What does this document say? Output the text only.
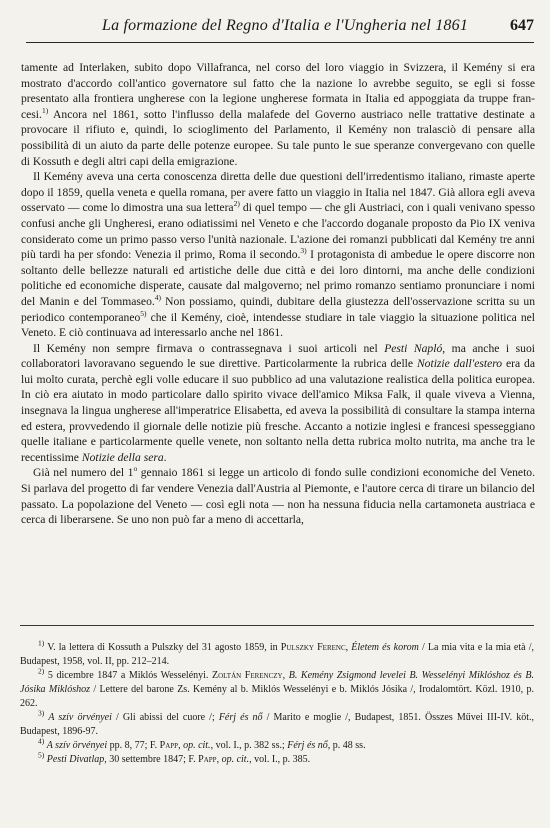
La formazione del Regno d'Italia e l'Ungheria nel 1861	647

tamente ad Interlaken, subito dopo Villafranca, nel corso del loro viaggio in Svizzera, il Kemény si era mostrato d'accordo coll'antico governatore sul fatto che la nazione lo avrebbe seguito, se egli si fosse presentato alla frontiera ungherese con la legione ungherese formata in Italia ed appoggiata da truppe francesi.$^{1)}$ Ancora nel 1861, sotto l'influsso della malafede del Governo austriaco nelle trattative destinate a provocare il rifiuto e, quindi, lo scioglimento del Parlamento, il Kemény non tralasciò di pensare alla possibilità di un aiuto da parte delle potenze europee. Su tale punto le sue speranze convergevano con quelle di Kossuth e degli altri capi della emigrazione.

Il Kemény aveva una certa conoscenza diretta delle due questioni dell'irredentismo italiano, rimaste aperte dopo il 1859, quella veneta e quella romana, per avere fatto un viaggio in Italia nel 1847. Già allora egli aveva osservato — come lo dimostra una sua lettera$^{2)}$ di quel tempo — che gli Austriaci, con i quali venivano spesso confusi anche gli Ungheresi, erano odiatissimi nel Veneto e che l'accordo doganale proposto da Pio IX veniva considerato come un primo passo verso l'unità nazionale. L'azione dei romanzi pubblicati dal Kemény tre anni più tardi ha per sfondo: Venezia il primo, Roma il secondo.$^{3)}$ I protagonista di ambedue le opere discorre non soltanto delle bellezze naturali ed artistiche delle due città e dei loro dintorni, ma anche delle condizioni politiche ed economiche disperate, causate dal malgoverno; nel primo romanzo sentiamo pronunciare i nomi del Manin e del Tommaseo.$^{4)}$ Non possiamo, quindi, dubitare della giustezza dell'osservazione scritta su un periodico contemporaneo$^{5)}$ che il Kemény, cioè, intendesse studiare in tale viaggio la situazione politica nel Veneto. E ciò continuava ad interessarlo anche nel 1861.

Il Kemény non sempre firmava o contrassegnava i suoi articoli nel Pesti Napló, ma anche i suoi collaboratori lavoravano seguendo le sue direttive. Particolarmente la rubrica delle Notizie dall'estero era da lui molto curata, perchè egli volle educare il suo pubblico ad una valutazione realistica della politica europea. In ciò era aiutato in modo particolare dallo spirito vivace dell'amico Miksa Falk, il quale viveva a Vienna, insegnava la lingua ungherese all'imperatrice Elisabetta, ed aveva la possibilità di consultare la stampa interna ed estera, provvedendo il giornale delle notizie più fresche. Accanto a notizie inglesi e francesi spesseggiano quelle italiane e particolarmente quelle venete, non soltanto nella detta rubrica molto nutrita, ma anche tra le recentissime Notizie della sera.

Già nel numero del 1$^o$ gennaio 1861 si legge un articolo di fondo sulle condizioni economiche del Veneto. Si parlava del progetto di far vendere Venezia dall'Austria al Piemonte, e l'autore cerca di tirare un bilancio del passato. La popolazione del Veneto — così egli nota — non ha nessuna fiducia nella cartamoneta austriaca e cerca di liberarsene. Se uno non può far a meno di accettarla,

$^{1)}$ V. la lettera di Kossuth a Pulszky del 31 agosto 1859, in Pulszky Ferenc, Életem és korom / La mia vita e la mia età /, Budapest, 1958, vol. II, pp. 212–214.

$^{2)}$ 5 dicembre 1847 a Miklós Wesselényi. Zoltán Ferenczy, B. Kemény Zsigmond levelei B. Wesselényi Miklóshoz és B. Jósika Miklóshoz / Lettere del barone Zs. Kemény al b. Miklós Wesselényi e b. Miklós Jósika /, Irodalomtört. Közl. 1910, p. 262.

$^{3)}$ A szív örvényei / Gli abissi del cuore /; Férj és nő / Marito e moglie /, Budapest, 1851. Összes Művei III-IV. köt., Budapest, 1896-97.

$^{4)}$ A szív örvényei pp. 8, 77; F. Papp, op. cit., vol. I., p. 382 ss.; Férj és nő, p. 48 ss.

$^{5)}$ Pesti Divatlap, 30 settembre 1847; F. Papp, op. cit., vol. I., p. 385.
